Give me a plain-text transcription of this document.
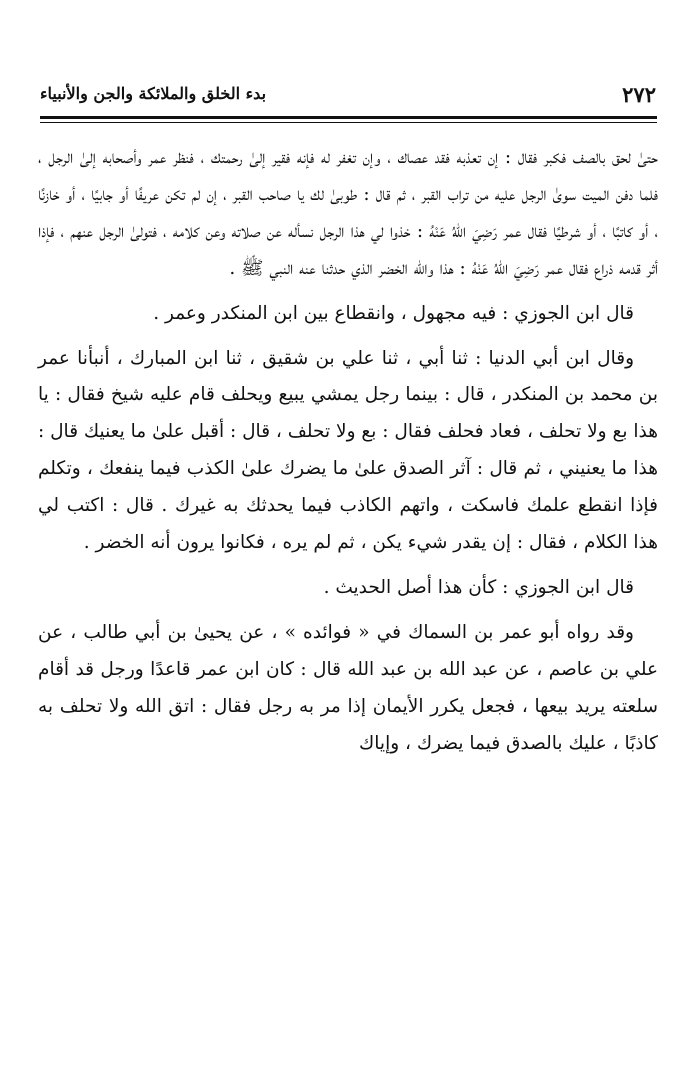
٢٧٢
بدء الخلق والملائكة والجن والأنبياء

حتىٰ لحق بالصف فكبر فقال : إن تعذبه فقد عصاك ، وإن تغفر له فإنه فقير إلىٰ رحمتك ، فنظر عمر وأصحابه إلىٰ الرجل ، فلما دفن الميت سوىٰ الرجل عليه من تراب القبر ، ثم قال : طوبىٰ لك يا صاحب القبر ، إن لم تكن عريفًا أو جابيًا ، أو خازنًا ، أو كاتبًا ، أو شرطيًا فقال عمر رَضِيَ اللهُ عَنْهُ : خذوا لي هذا الرجل نسأله عن صلاته وعن كلامه ، فتولىٰ الرجل عنهم ، فإذا أثر قدمه ذراع فقال عمر رَضِيَ اللهُ عَنْهُ : هذا والله الخضر الذي حدثنا عنه النبي ﷺ .

قال ابن الجوزي : فيه مجهول ، وانقطاع بين ابن المنكدر وعمر .

وقال ابن أبي الدنيا : ثنا أبي ، ثنا علي بن شقيق ، ثنا ابن المبارك ، أنبأنا عمر بن محمد بن المنكدر ، قال : بينما رجل يمشي يبيع ويحلف قام عليه شيخ فقال : يا هذا بع ولا تحلف ، فعاد فحلف فقال : بع ولا تحلف ، قال : أقبل علىٰ ما يعنيك قال : هذا ما يعنيني ، ثم قال : آثر الصدق علىٰ ما يضرك علىٰ الكذب فيما ينفعك ، وتكلم فإذا انقطع علمك فاسكت ، واتهم الكاذب فيما يحدثك به غيرك . قال : اكتب لي هذا الكلام ، فقال : إن يقدر شيء يكن ، ثم لم يره ، فكانوا يرون أنه الخضر .

قال ابن الجوزي : كأن هذا أصل الحديث .

وقد رواه أبو عمر بن السماك في « فوائده » ، عن يحيىٰ بن أبي طالب ، عن علي بن عاصم ، عن عبد الله بن عبد الله قال : كان ابن عمر قاعدًا ورجل قد أقام سلعته يريد بيعها ، فجعل يكرر الأيمان إذا مر به رجل فقال : اتق الله ولا تحلف به كاذبًا ، عليك بالصدق فيما يضرك ، وإياك
